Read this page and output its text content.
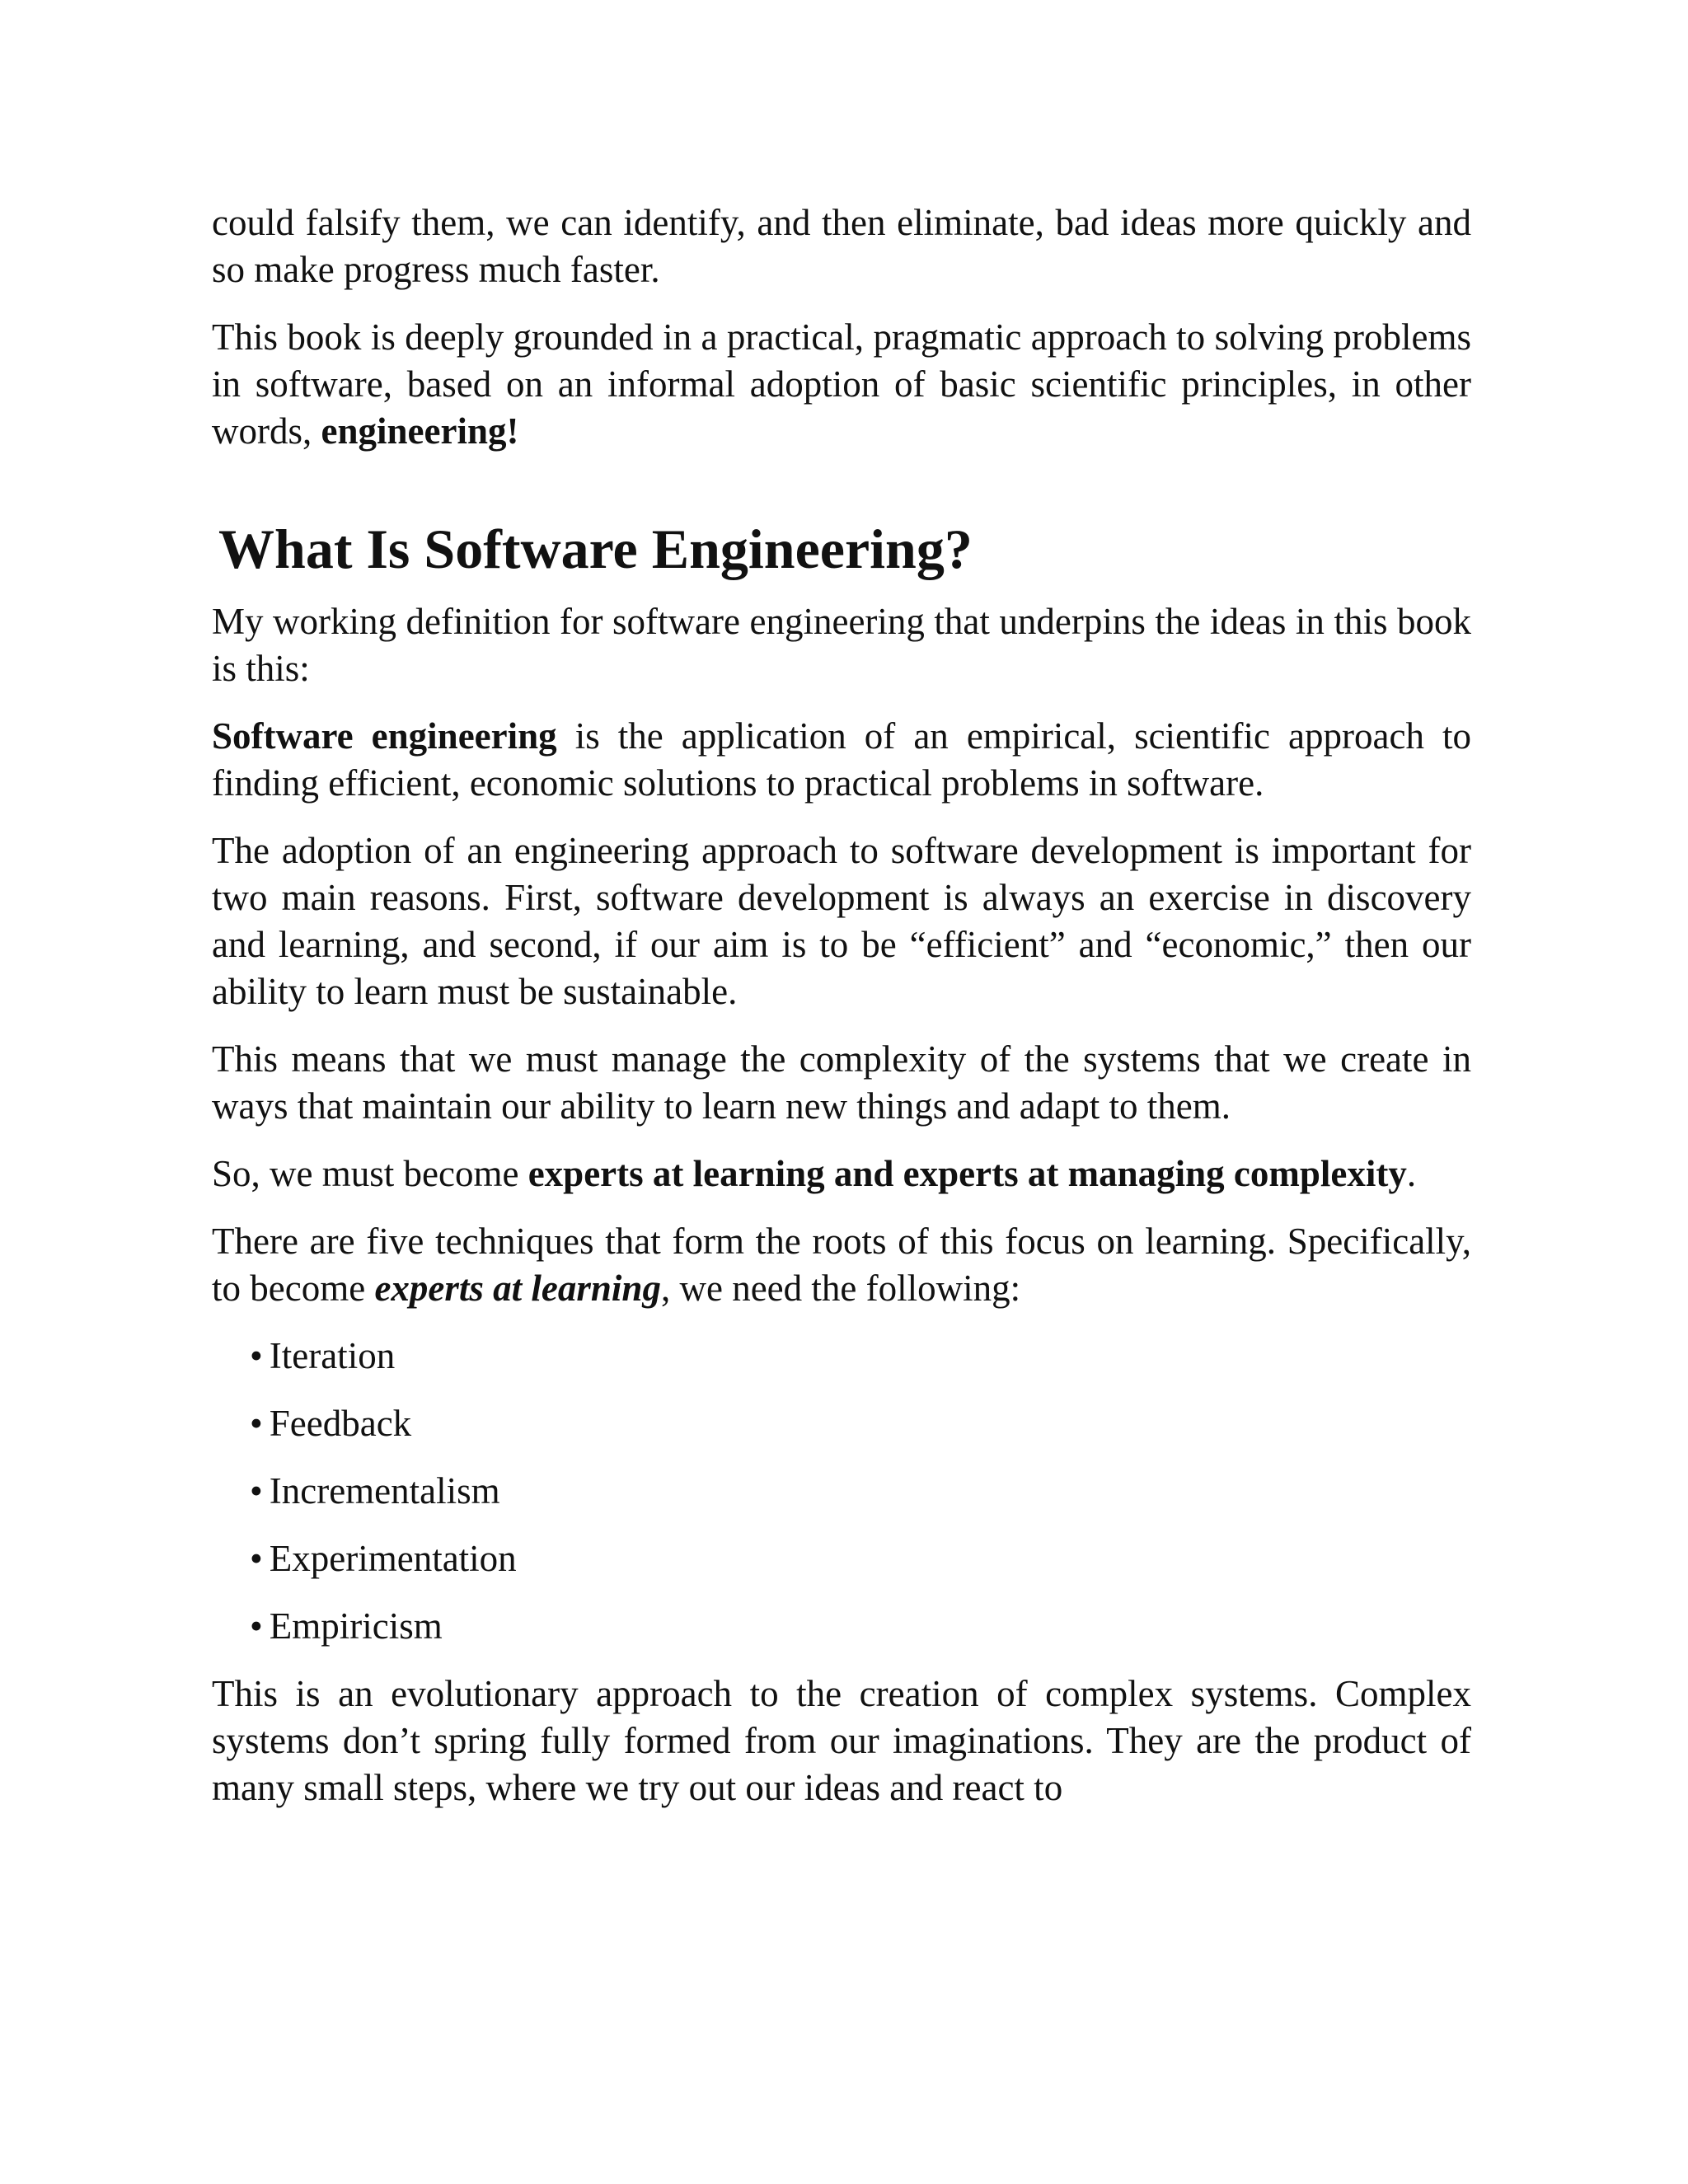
could falsify them, we can identify, and then eliminate, bad ideas more quickly and so make progress much faster.

This book is deeply grounded in a practical, pragmatic approach to solving problems in software, based on an informal adoption of basic scientific principles, in other words, engineering!

What Is Software Engineering?

My working definition for software engineering that underpins the ideas in this book is this:

Software engineering is the application of an empirical, scientific approach to finding efficient, economic solutions to practical problems in software.

The adoption of an engineering approach to software development is important for two main reasons. First, software development is always an exercise in discovery and learning, and second, if our aim is to be “efficient” and “economic,” then our ability to learn must be sustainable.

This means that we must manage the complexity of the systems that we create in ways that maintain our ability to learn new things and adapt to them.

So, we must become experts at learning and experts at managing complexity.

There are five techniques that form the roots of this focus on learning. Specifically, to become experts at learning, we need the following:

• Iteration
• Feedback
• Incrementalism
• Experimentation
• Empiricism

This is an evolutionary approach to the creation of complex systems. Complex systems don’t spring fully formed from our imaginations. They are the product of many small steps, where we try out our ideas and react to
